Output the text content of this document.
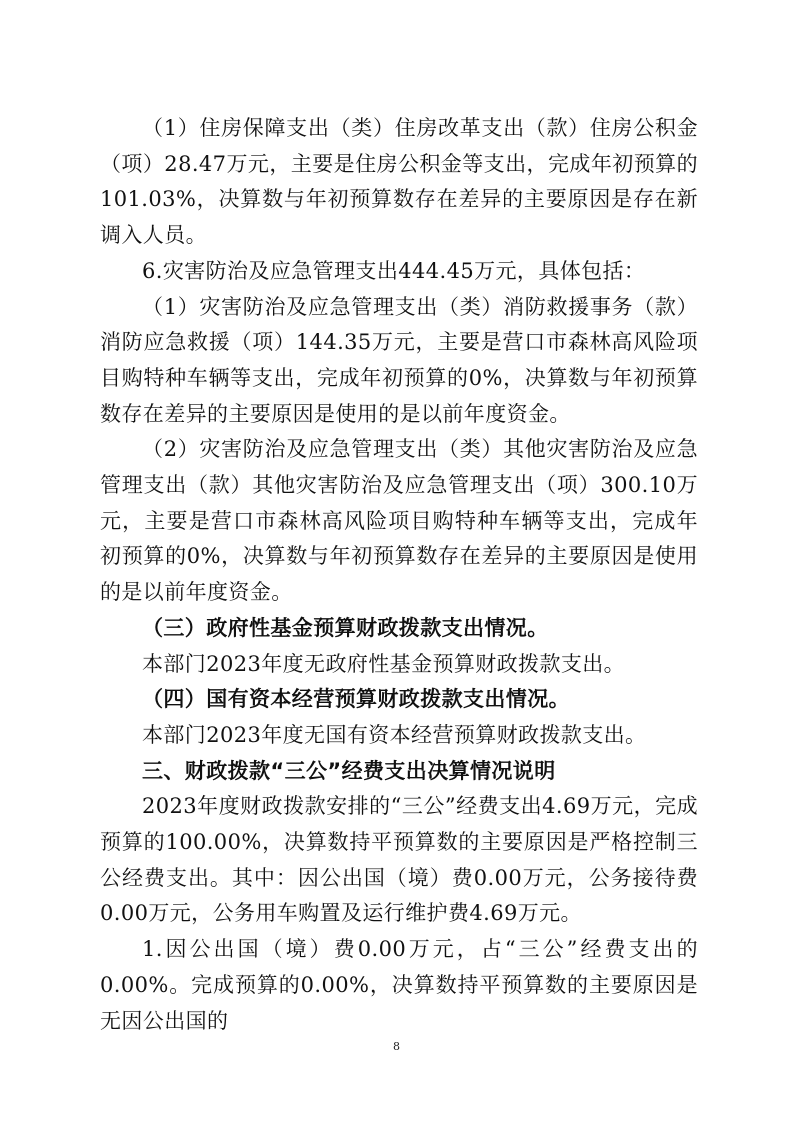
（1）住房保障支出（类）住房改革支出（款）住房公积金（项）28.47万元，主要是住房公积金等支出，完成年初预算的101.03%，决算数与年初预算数存在差异的主要原因是存在新调入人员。

6.灾害防治及应急管理支出444.45万元，具体包括：

（1）灾害防治及应急管理支出（类）消防救援事务（款）消防应急救援（项）144.35万元，主要是营口市森林高风险项目购特种车辆等支出，完成年初预算的0%，决算数与年初预算数存在差异的主要原因是使用的是以前年度资金。

（2）灾害防治及应急管理支出（类）其他灾害防治及应急管理支出（款）其他灾害防治及应急管理支出（项）300.10万元，主要是营口市森林高风险项目购特种车辆等支出，完成年初预算的0%，决算数与年初预算数存在差异的主要原因是使用的是以前年度资金。

（三）政府性基金预算财政拨款支出情况。

本部门2023年度无政府性基金预算财政拨款支出。

（四）国有资本经营预算财政拨款支出情况。

本部门2023年度无国有资本经营预算财政拨款支出。

三、财政拨款“三公”经费支出决算情况说明

2023年度财政拨款安排的“三公”经费支出4.69万元，完成预算的100.00%，决算数持平预算数的主要原因是严格控制三公经费支出。其中：因公出国（境）费0.00万元，公务接待费0.00万元，公务用车购置及运行维护费4.69万元。

1.因公出国（境）费0.00万元，占“三公”经费支出的0.00%。完成预算的0.00%，决算数持平预算数的主要原因是无因公出国的

8
